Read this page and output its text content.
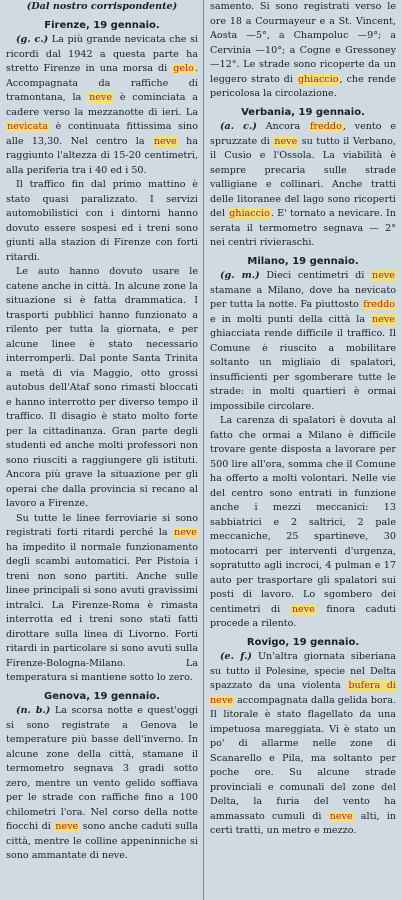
(Dal nostro corrispondente)
Firenze, 19 gennaio.

(g. c.) La più grande nevicata che si ricordi dal 1942 a questa parte ha stretto Firenze in una morsa di gelo. Accompagnata da raffiche di tramontana, la neve è cominciata a cadere verso la mezzanotte di ieri. La nevicata è continuata fittissima sino alle 13,30. Nel centro la neve ha raggiunto l'altezza di 15-20 centimetri, alla periferia tra i 40 ed i 50.

Il traffico fin dal primo mattino è stato quasi paralizzato. I servizi automobilistici con i dintorni hanno dovuto essere sospesi ed i treni sono giunti alla stazion di Firenze con forti ritardi.

Le auto hanno dovuto usare le catene anche in città. In alcune zone la situazione si è fatta drammatica. I trasporti pubblici hanno funzionato a rilento per tutta la giornata, e per alcune linee è stato necessario interromperli. Dal ponte Santa Trinita a metà di via Maggio, otto grossi autobus dell'Ataf sono rimasti bloccati e hanno interrotto per diverso tempo il traffico. Il disagio è stato molto forte per la cittadinanza. Gran parte degli studenti ed anche molti professori non sono riusciti a raggiungere gli istituti. Ancora più grave la situazione per gli operai che dalla provincia si recano al lavoro a Firenze.

Su tutte le linee ferroviarie si sono registrati forti ritardi perché la neve ha impedito il normale funzionamento degli scambi automatici. Per Pistoia i treni non sono partiti. Anche sulle linee principali si sono avuti gravissimi intralci. La Firenze-Roma è rimasta interrotta ed i treni sono stati fatti dirottare sulla linea di Livorno. Forti ritardi in particolare si sono avuti sulla Firenze-Bologna-Milano. La temperatura si mantiene sotto lo zero.

Genova, 19 gennaio.

(n. b.) La scorsa notte e quest'oggi si sono registrate a Genova le temperature più basse dell'inverno. In alcune zone della città, stamane il termometro segnava 3 gradi sotto zero, mentre un vento gelido soffiava per le strade con raffiche fino a 100 chilometri l'ora. Nel corso della notte fiocchi di neve sono anche caduti sulla città, mentre le colline appeninniche si sono ammantate di neve.

samento. Si sono registrati verso le ore 18 a Courmayeur e a St. Vincent, Aosta —5°, a Champoluc —9°; a Cervinia —10°; a Cogne e Gressoney —12°. Le strade sono ricoperte da un leggero strato di ghiaccio, che rende pericolosa la circolazione.

Verbania, 19 gennaio.

(a. c.) Ancora freddo, vento e spruzzate di neve su tutto il Verbano, il Cusio e l'Ossola. La viabilità è sempre precaria sulle strade valligiane e collinari. Anche tratti delle litoranee del lago sono ricoperti del ghiaccio. E' tornato a nevicare. In serata il termometro segnava — 2° nei centri rivieraschi.

Milano, 19 gennaio.

(g. m.) Dieci centimetri di neve stamane a Milano, dove ha nevicato per tutta la notte. Fa piuttosto freddo e in molti punti della città la neve ghiacciata rende difficile il traffico. Il Comune è riuscito a mobilitare soltanto un migliaio di spalatori, insufficienti per sgomberare tutte le strade: in molti quartieri è ormai impossibile circolare.

La carenza di spalatori è dovuta al fatto che ormai a Milano è difficile trovare gente disposta a lavorare per 500 lire all'ora, somma che il Comune ha offerto a molti volontari. Nelle vie del centro sono entrati in funzione anche i mezzi meccanici: 13 sabbiatrici e 2 saltrici, 2 pale meccaniche, 25 spartineve, 30 motocarri per interventi d'urgenza, sopratutto agli incroci, 4 pulman e 17 auto per trasportare gli spalatori sui posti di lavoro. Lo sgombero dei centimetri di neve finora caduti procede a rilento.

Rovigo, 19 gennaio.

(e. f.) Un'altra giornata siberiana su tutto il Polesine, specie nel Delta spazzato da una violenta bufera di neve accompagnata dalla gelida bora. Il litorale è stato flagellato da una impetuosa mareggiata. Vi è stato un po' di allarme nelle zone di Scanarello e Pila, ma soltanto per poche ore. Su alcune strade provinciali e comunali del zone del Delta, la furia del vento ha ammassato cumuli di neve alti, in certi tratti, un metro e mezzo.
